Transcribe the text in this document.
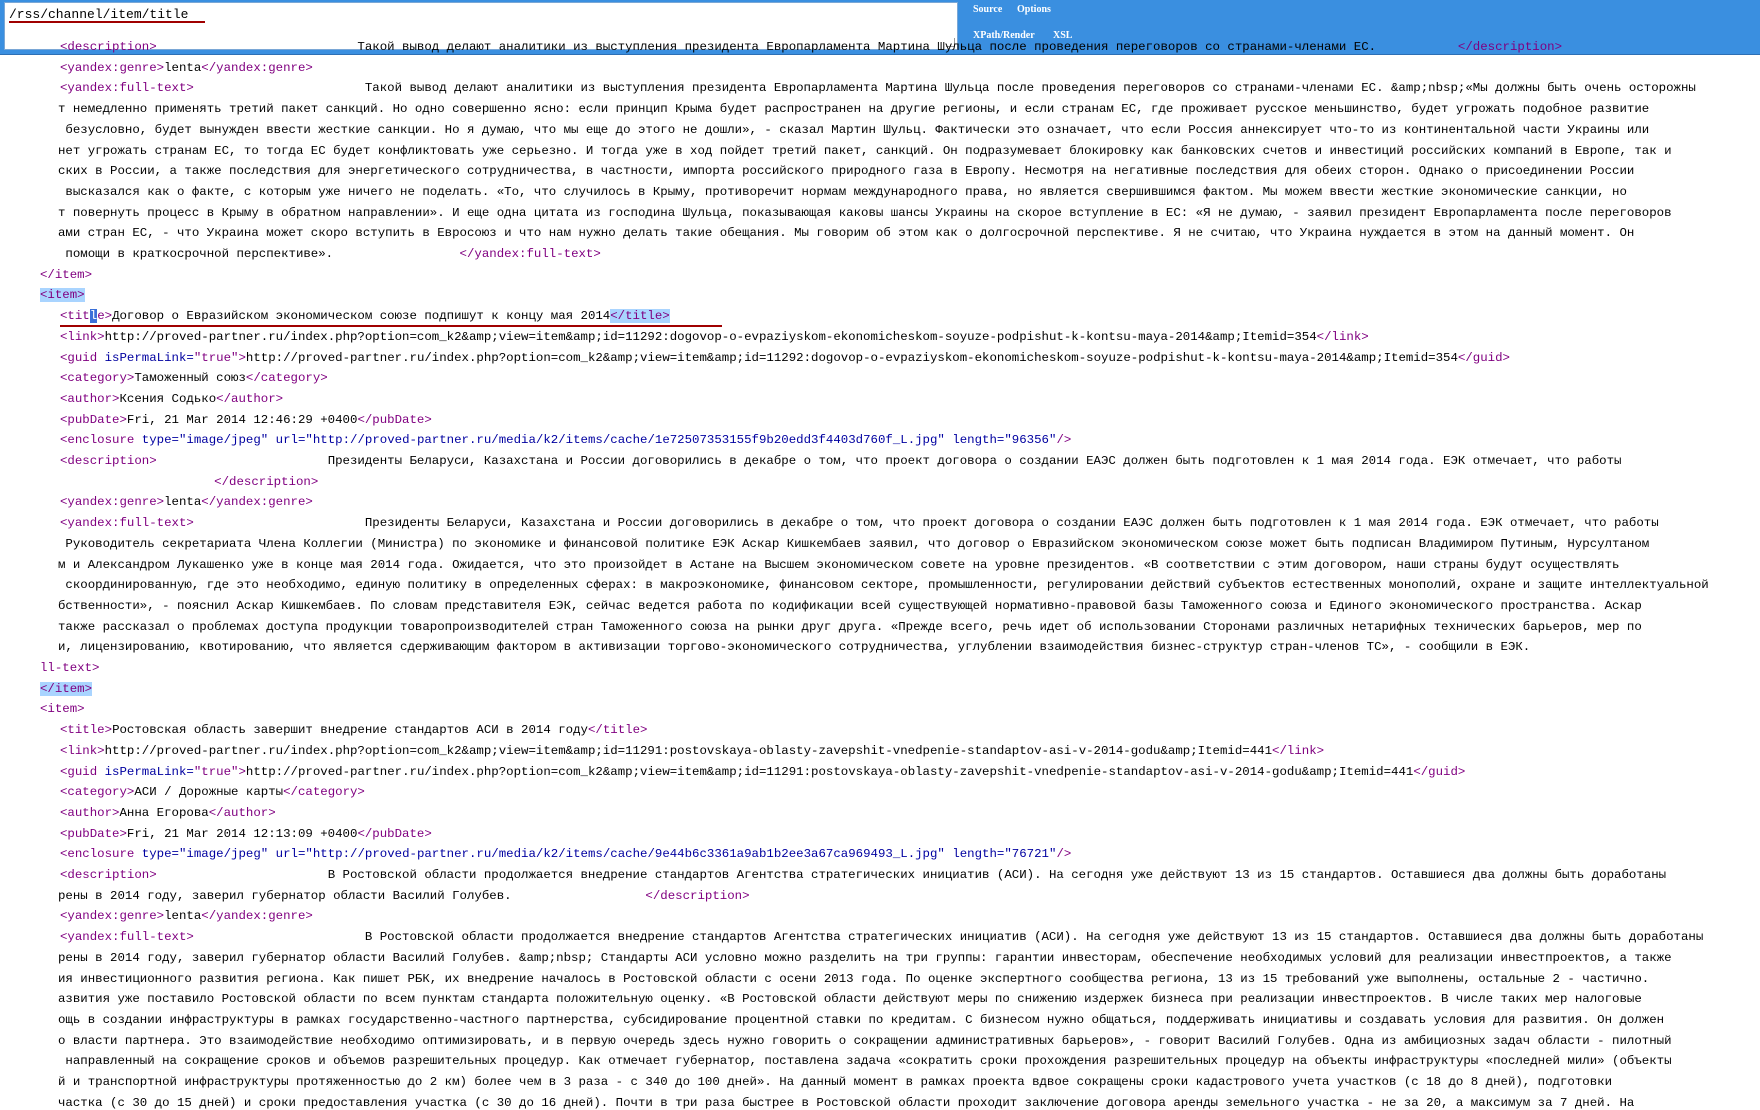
/rss/channel/item/title
Source Options
XPath/Render XSL
<description>                           Такой вывод делают аналитики из выступления президента Европарламента Мартина Шульца после проведения переговоров со странами-членами ЕС.           </description>
<yandex:genre>lenta</yandex:genre>
<yandex:full-text>                       Такой вывод делают аналитики из выступления президента Европарламента Мартина Шульца после проведения переговоров со странами-членами ЕС. &amp;nbsp;«Мы должны быть очень осторожны
т немедленно применять третий пакет санкций. Но одно совершенно ясно: если принцип Крыма будет распространен на другие регионы, и если странам ЕС, где проживает русское меньшинство, будет угрожать подобное развитие
безусловно, будет вынужден ввести жесткие санкции. Но я думаю, что мы еще до этого не дошли», - сказал Мартин Шульц. Фактически это означает, что если Россия аннексирует что-то из континентальной части Украины или
нет угрожать странам ЕС, то тогда ЕС будет конфликтовать уже серьезно. И тогда уже в ход пойдет третий пакет, санкций. Он подразумевает блокировку как банковских счетов и инвестиций российских компаний в Европе, так и
ских в России, а также последствия для энергетического сотрудничества, в частности, импорта российского природного газа в Европу. Несмотря на негативные последствия для обеих сторон. Однако о присоединении России
высказался как о факте, с которым уже ничего не поделать. «То, что случилось в Крыму, противоречит нормам международного права, но является свершившимся фактом. Мы можем ввести жесткие экономические санкции, но
т повернуть процесс в Крыму в обратном направлении». И еще одна цитата из господина Шульца, показывающая каковы шансы Украины на скорое вступление в ЕС: «Я не думаю, - заявил президент Европарламента после переговоров
ами стран ЕС, - что Украина может скоро вступить в Евросоюз и что нам нужно делать такие обещания. Мы говорим об этом как о долгосрочной перспективе. Я не считаю, что Украина нуждается в этом на данный момент. Он
помощи в краткосрочной перспективе».                 </yandex:full-text>
</item>
<item>
<title>Договор о Евразийском экономическом союзе подпишут к концу мая 2014</title>
<link>http://proved-partner.ru/index.php?option=com_k2&amp;view=item&amp;id=11292:dogovop-o-evpaziyskom-ekonomicheskom-soyuze-podpishut-k-kontsu-maya-2014&amp;Itemid=354</link>
<guid isPermaLink="true">http://proved-partner.ru/index.php?option=com_k2&amp;view=item&amp;id=11292:dogovop-o-evpaziyskom-ekonomicheskom-soyuze-podpishut-k-kontsu-maya-2014&amp;Itemid=354</guid>
<category>Таможенный союз</category>
<author>Ксения Содько</author>
<pubDate>Fri, 21 Mar 2014 12:46:29 +0400</pubDate>
<enclosure type="image/jpeg" url="http://proved-partner.ru/media/k2/items/cache/1e72507353155f9b20edd3f4403d760f_L.jpg" length="96356"/>
<description>                       Президенты Беларуси, Казахстана и России договорились в декабре о том, что проект договора о создании ЕАЭС должен быть подготовлен к 1 мая 2014 года. ЕЭК отмечает, что работы
</description>
<yandex:genre>lenta</yandex:genre>
<yandex:full-text>                       Президенты Беларуси, Казахстана и России договорились в декабре о том, что проект договора о создании ЕАЭС должен быть подготовлен к 1 мая 2014 года. ЕЭК отмечает, что работы
Руководитель секретариата Члена Коллегии (Министра) по экономике и финансовой политике ЕЭК Аскар Кишкембаев заявил, что договор о Евразийском экономическом союзе может быть подписан Владимиром Путиным, Нурсултаном
м и Александром Лукашенко уже в конце мая 2014 года. Ожидается, что это произойдет в Астане на Высшем экономическом совете на уровне президентов. «В соответствии с этим договором, наши страны будут осуществлять
скоординированную, где это необходимо, единую политику в определенных сферах: в макроэкономике, финансовом секторе, промышленности, регулировании действий субъектов естественных монополий, охране и защите интеллектуальной
бственности», - пояснил Аскар Кишкембаев. По словам представителя ЕЭК, сейчас ведется работа по кодификации всей существующей нормативно-правовой базы Таможенного союза и Единого экономического пространства. Аскар
также рассказал о проблемах доступа продукции товаропроизводителей стран Таможенного союза на рынки друг друга. «Прежде всего, речь идет об использовании Сторонами различных нетарифных технических барьеров, мер по
и, лицензированию, квотированию, что является сдерживающим фактором в активизации торгово-экономического сотрудничества, углублении взаимодействия бизнес-структур стран-членов ТС», - сообщили в ЕЭК.
ll-text>
</item>
<item>
<title>Ростовская область завершит внедрение стандартов АСИ в 2014 году</title>
<link>http://proved-partner.ru/index.php?option=com_k2&amp;view=item&amp;id=11291:postovskaya-oblasty-zavepshit-vnedpenie-standaptov-asi-v-2014-godu&amp;Itemid=441</link>
<guid isPermaLink="true">http://proved-partner.ru/index.php?option=com_k2&amp;view=item&amp;id=11291:postovskaya-oblasty-zavepshit-vnedpenie-standaptov-asi-v-2014-godu&amp;Itemid=441</guid>
<category>АСИ / Дорожные карты</category>
<author>Анна Егорова</author>
<pubDate>Fri, 21 Mar 2014 12:13:09 +0400</pubDate>
<enclosure type="image/jpeg" url="http://proved-partner.ru/media/k2/items/cache/9e44b6c3361a9ab1b2ee3a67ca969493_L.jpg" length="76721"/>
<description>                       В Ростовской области продолжается внедрение стандартов Агентства стратегических инициатив (АСИ). На сегодня уже действуют 13 из 15 стандартов. Оставшиеся два должны быть доработаны
рены в 2014 году, заверил губернатор области Василий Голубев.                  </description>
<yandex:genre>lenta</yandex:genre>
<yandex:full-text>                       В Ростовской области продолжается внедрение стандартов Агентства стратегических инициатив (АСИ). На сегодня уже действуют 13 из 15 стандартов. Оставшиеся два должны быть доработаны
рены в 2014 году, заверил губернатор области Василий Голубев. &amp;nbsp; Стандарты АСИ условно можно разделить на три группы: гарантии инвесторам, обеспечение необходимых условий для реализации инвестпроектов, а также
ия инвестиционного развития региона. Как пишет РБК, их внедрение началось в Ростовской области с осени 2013 года. По оценке экспертного сообщества региона, 13 из 15 требований уже выполнены, остальные 2 - частично.
азвития уже поставило Ростовской области по всем пунктам стандарта положительную оценку. «В Ростовской области действуют меры по снижению издержек бизнеса при реализации инвестпроектов. В числе таких мер налоговые
ощь в создании инфраструктуры в рамках государственно-частного партнерства, субсидирование процентной ставки по кредитам. С бизнесом нужно общаться, поддерживать инициативы и создавать условия для развития. Он должен
о власти партнера. Это взаимодействие необходимо оптимизировать, и в первую очередь здесь нужно говорить о сокращении административных барьеров», - говорит Василий Голубев. Одна из амбициозных задач области - пилотный
направленный на сокращение сроков и объемов разрешительных процедур. Как отмечает губернатор, поставлена задача «сократить сроки прохождения разрешительных процедур на объекты инфраструктуры «последней мили» (объекты
й и транспортной инфраструктуры протяженностью до 2 км) более чем в 3 раза - с 340 до 100 дней». На данный момент в рамках проекта вдвое сокращены сроки кадастрового учета участков (с 18 до 8 дней), подготовки
частка (с 30 до 15 дней) и сроки предоставления участка (с 30 до 16 дней). Почти в три раза быстрее в Ростовской области проходит заключение договора аренды земельного участка - не за 20, а максимум за 7 дней. На
